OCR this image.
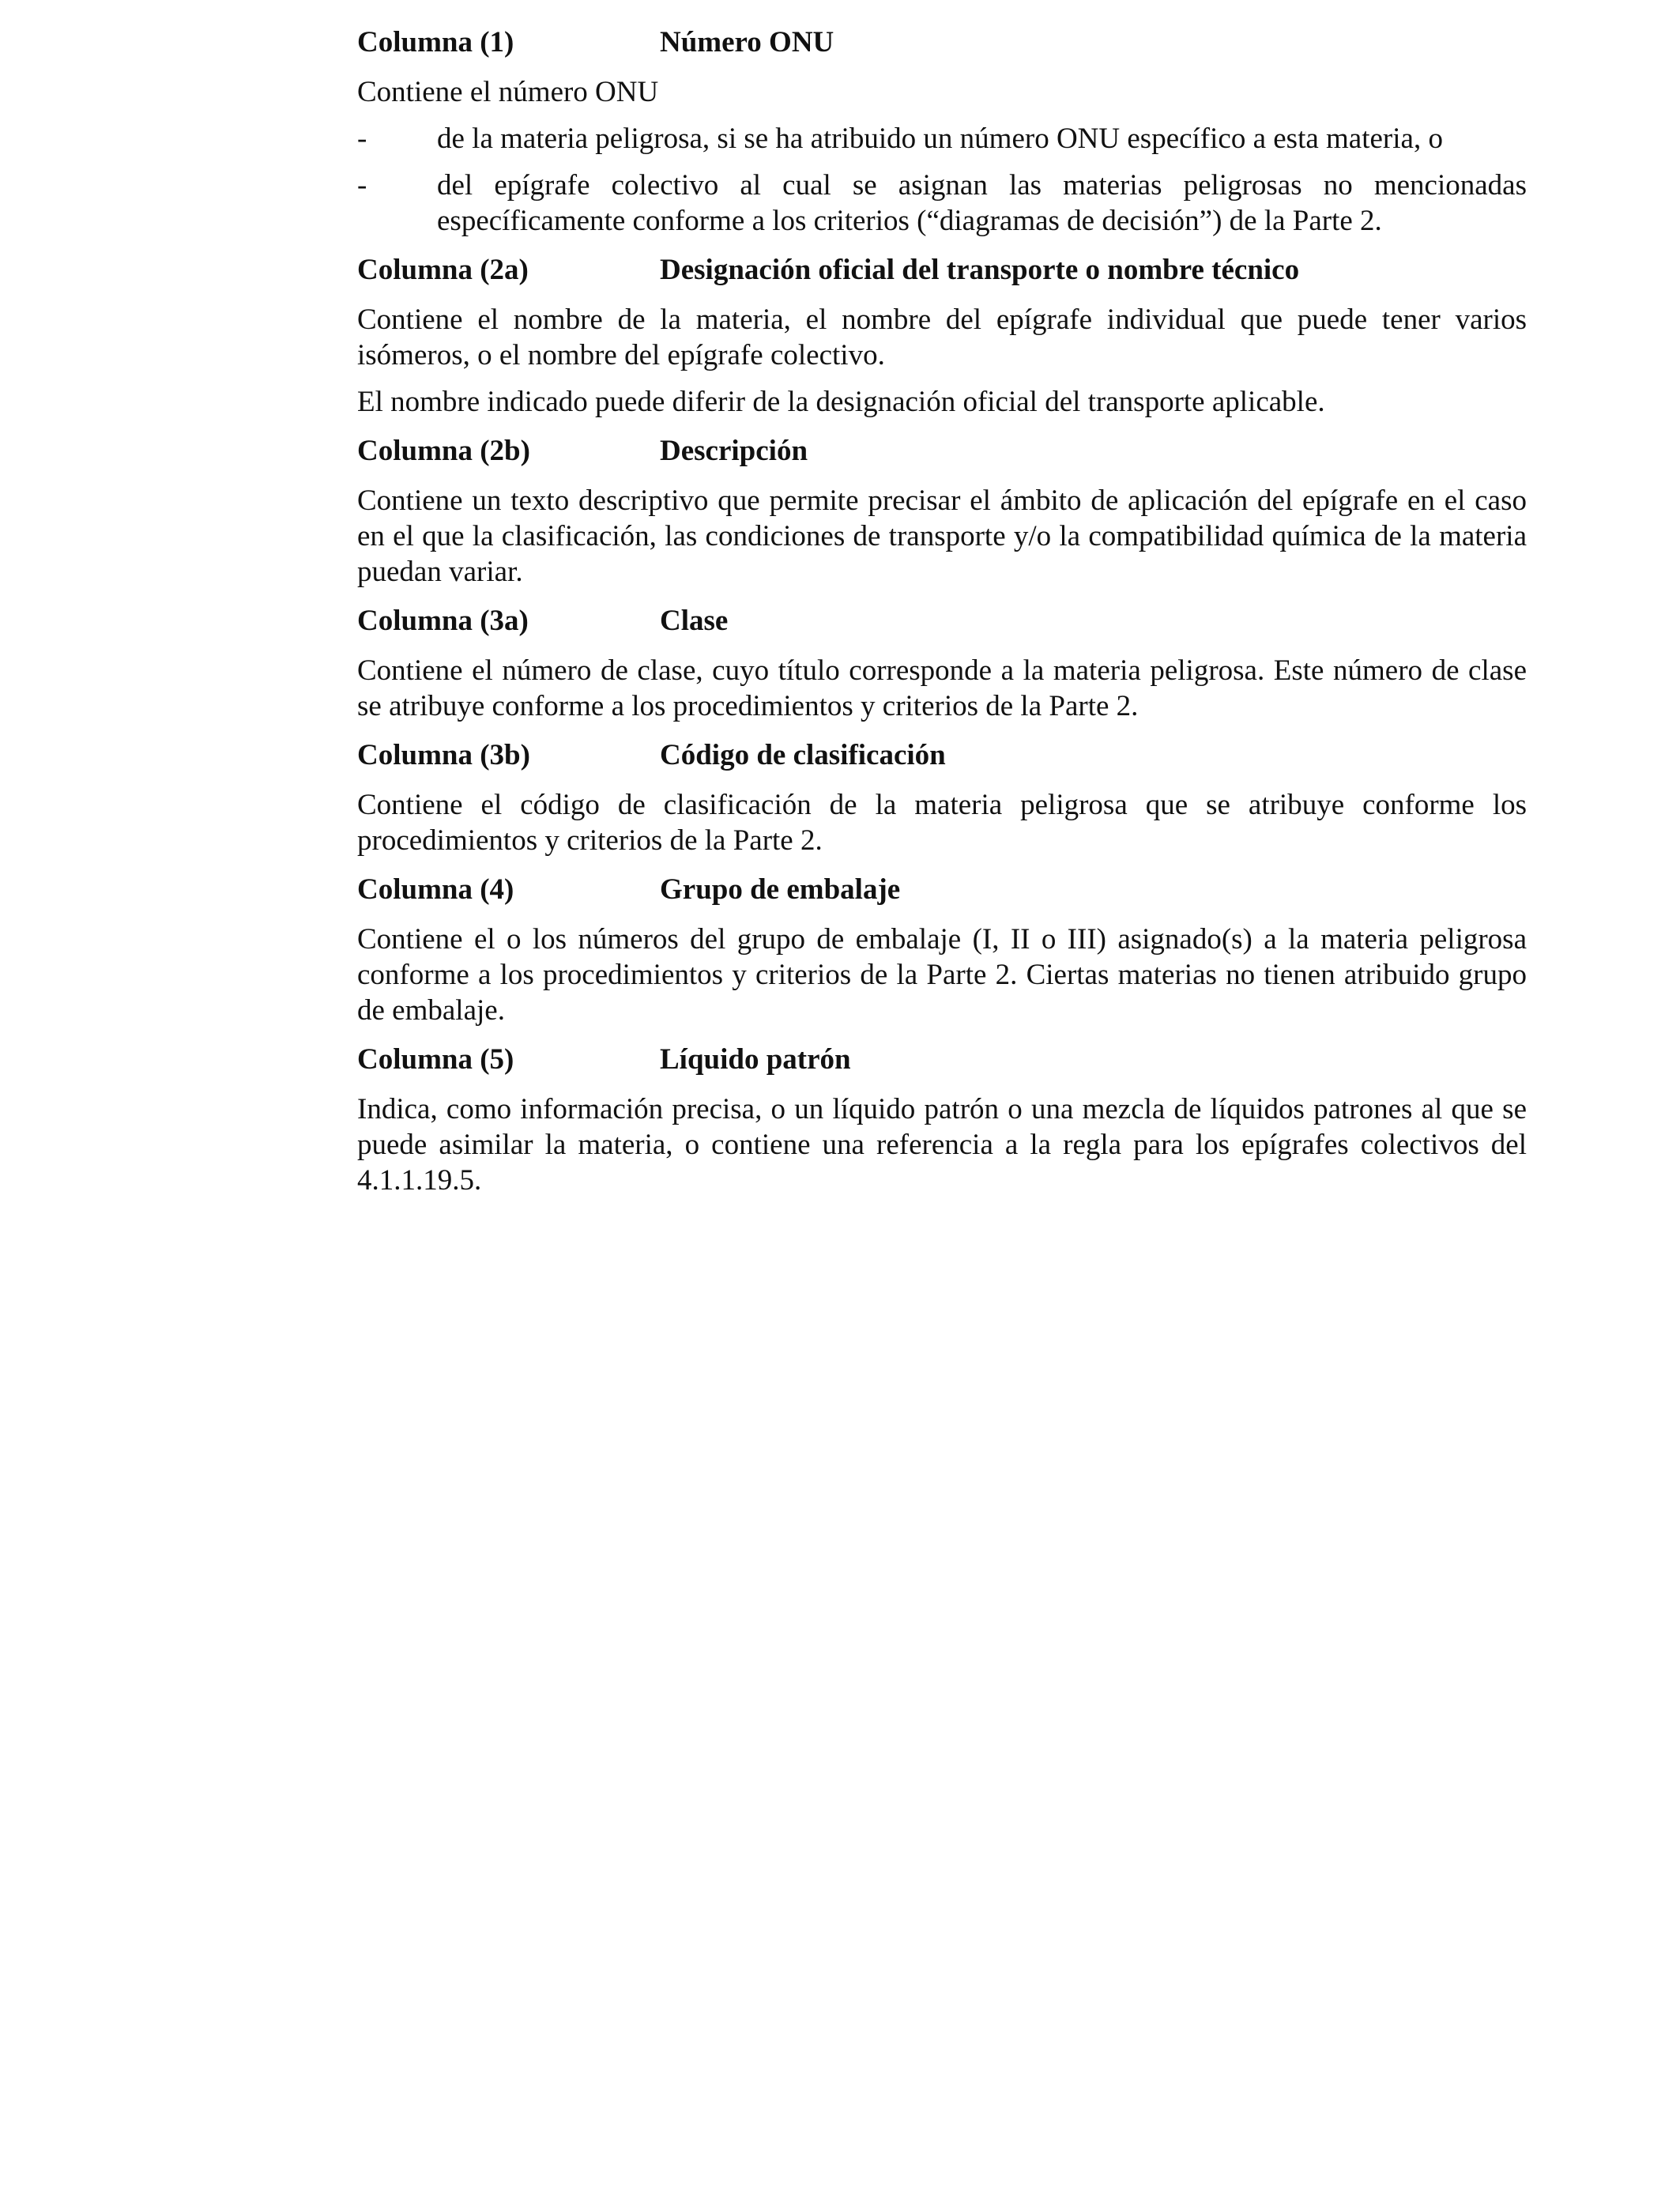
Columna (1)	Número ONU

Contiene el número ONU

-	de la materia peligrosa, si se ha atribuido un número ONU específico a esta materia, o
-	del epígrafe colectivo al cual se asignan las materias peligrosas no mencionadas específicamente conforme a los criterios (“diagramas de decisión”) de la Parte 2.
Columna (2a)	Designación oficial del transporte o nombre técnico

Contiene el nombre de la materia, el nombre del epígrafe individual que puede tener varios isómeros, o el nombre del epígrafe colectivo.

El nombre indicado puede diferir de la designación oficial del transporte aplicable.

Columna (2b)	Descripción

Contiene un texto descriptivo que permite precisar el ámbito de aplicación del epígrafe en el caso en el que la clasificación, las condiciones de transporte y/o la compatibilidad química de la materia puedan variar.

Columna (3a)	Clase

Contiene el número de clase, cuyo título corresponde a la materia peligrosa. Este número de clase se atribuye conforme a los procedimientos y criterios de la Parte 2.

Columna (3b)	Código de clasificación

Contiene el código de clasificación de la materia peligrosa que se atribuye conforme los procedimientos y criterios de la Parte 2.

Columna (4)	Grupo de embalaje

Contiene el o los números del grupo de embalaje (I, II o III) asignado(s) a la materia peligrosa conforme a los procedimientos y criterios de la Parte 2. Ciertas materias no tienen atribuido grupo de embalaje.

Columna (5)	Líquido patrón

Indica, como información precisa, o un líquido patrón o una mezcla de líquidos patrones al que se puede asimilar la materia, o contiene una referencia a la regla para los epígrafes colectivos del 4.1.1.19.5.
